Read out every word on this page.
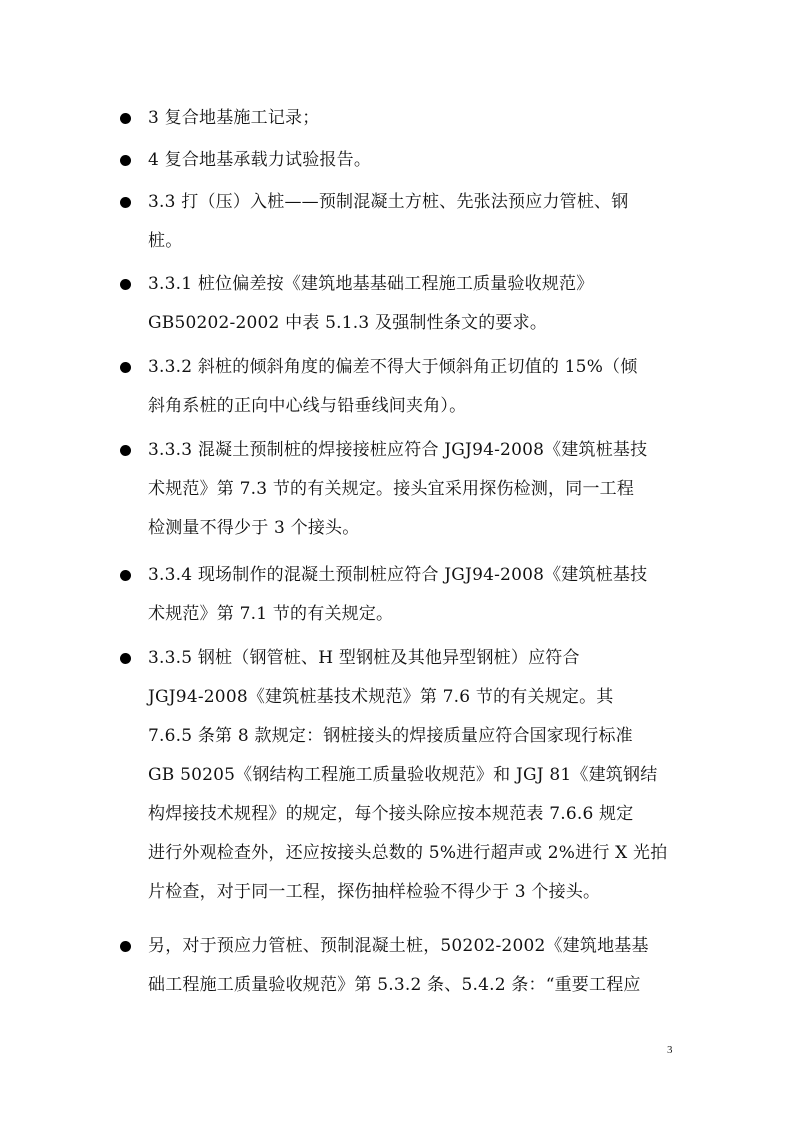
3 复合地基施工记录；
4 复合地基承载力试验报告。
3.3 打（压）入桩——预制混凝土方桩、先张法预应力管桩、钢
桩。
3.3.1 桩位偏差按《建筑地基基础工程施工质量验收规范》
GB50202-2002 中表 5.1.3 及强制性条文的要求。
3.3.2 斜桩的倾斜角度的偏差不得大于倾斜角正切值的 15%（倾
斜角系桩的正向中心线与铅垂线间夹角）。
3.3.3 混凝土预制桩的焊接接桩应符合 JGJ94-2008《建筑桩基技
术规范》第 7.3 节的有关规定。接头宜采用探伤检测，同一工程
检测量不得少于 3 个接头。
3.3.4 现场制作的混凝土预制桩应符合 JGJ94-2008《建筑桩基技
术规范》第 7.1 节的有关规定。
3.3.5 钢桩（钢管桩、H 型钢桩及其他异型钢桩）应符合
JGJ94-2008《建筑桩基技术规范》第 7.6 节的有关规定。其
7.6.5 条第 8 款规定：钢桩接头的焊接质量应符合国家现行标准
GB 50205《钢结构工程施工质量验收规范》和 JGJ 81《建筑钢结
构焊接技术规程》的规定，每个接头除应按本规范表 7.6.6 规定
进行外观检查外，还应按接头总数的 5%进行超声或 2%进行 X 光拍
片检查，对于同一工程，探伤抽样检验不得少于 3 个接头。
另，对于预应力管桩、预制混凝土桩，50202-2002《建筑地基基
础工程施工质量验收规范》第 5.3.2 条、5.4.2 条：“重要工程应
3
